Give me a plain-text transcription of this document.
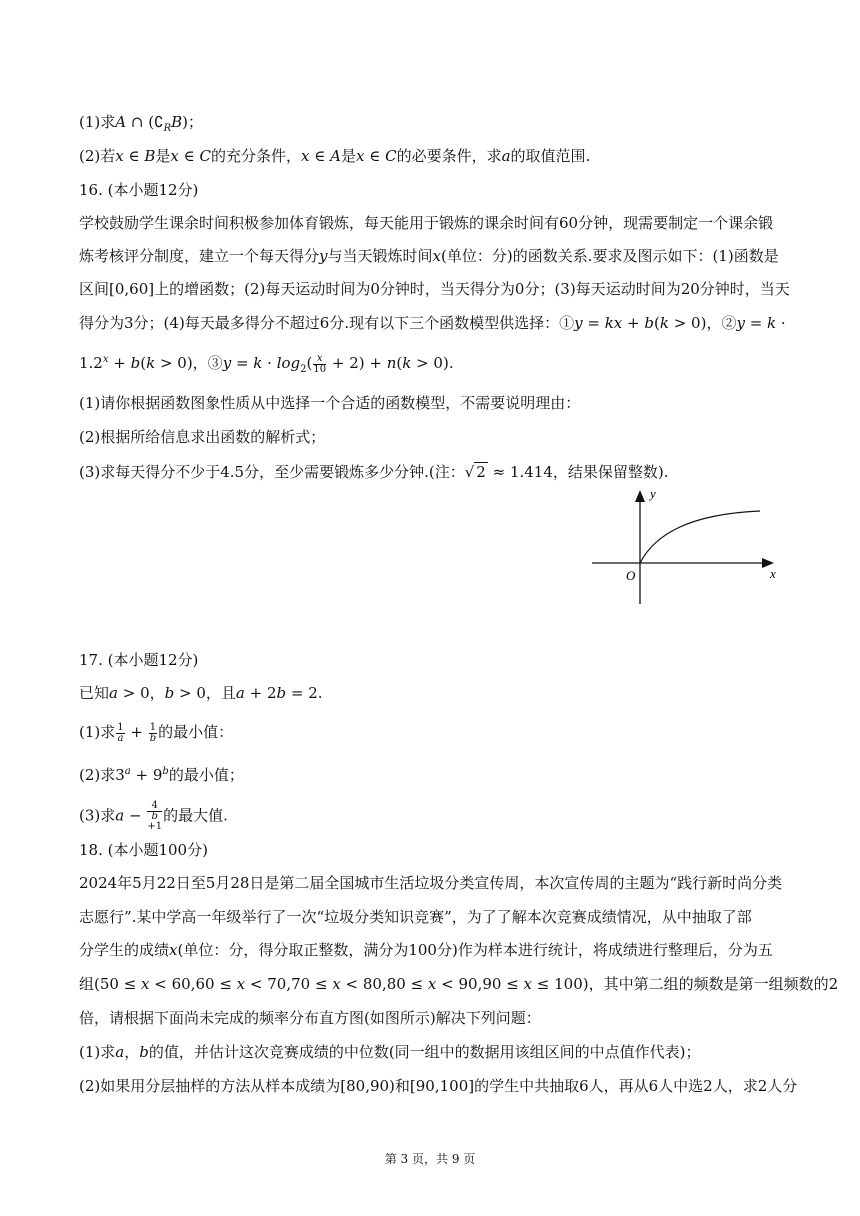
(1)求A ∩ $(∁_RB)$；
(2)若x ∈ B是x ∈ C的充分条件，x ∈ A是x ∈ C的必要条件，求a的取值范围.
16. (本小题12分)
学校鼓励学生课余时间积极参加体育锻炼，每天能用于锻炼的课余时间有60分钟，现需要制定一个课余锻
炼考核评分制度，建立一个每天得分y与当天锻炼时间x(单位：分)的函数关系.要求及图示如下：(1)函数是
区间[0,60]上的增函数；(2)每天运动时间为0分钟时，当天得分为0分；(3)每天运动时间为20分钟时，当天
得分为3分；(4)每天最多得分不超过6分.现有以下三个函数模型供选择：①y = kx + b(k > 0)，②y = k ·
$1.2^x + b(k > 0)$，③y = $k \cdot \log_2( \frac{x}{10} + 2) + n(k > 0)$.
(1)请你根据函数图象性质从中选择一个合适的函数模型，不需要说明理由：
(2)根据所给信息求出函数的解析式；
(3)求每天得分不少于4.5分，至少需要锻炼多少分钟.(注：√ 2 ≈ 1.414，结果保留整数).
y
x
O
17. (本小题12分)
已知a > 0，b > 0，且a + 2b = 2.
(1)求 $\frac{1}{a} + \frac{1}{b}$ 的最小值：
(2)求$3^a + 9^b$的最小值；
(3)求a − 4
b
+1 的最大值.
18. (本小题100分)
2024年5月22日至5月28日是第二届全国城市生活垃圾分类宣传周，本次宣传周的主题为“践行新时尚分类
志愿行”.某中学高一年级举行了一次“垃圾分类知识竞赛”，为了了解本次竞赛成绩情况，从中抽取了部
分学生的成绩x(单位：分，得分取正整数，满分为100分)作为样本进行统计，将成绩进行整理后，分为五
组(50 ≤ x < 60,60 ≤ x < 70,70 ≤ x < 80,80 ≤ x < 90,90 ≤ x ≤ 100)，其中第二组的频数是第一组频数的2
倍，请根据下面尚未完成的频率分布直方图(如图所示)解决下列问题：
(1)求a，b的值，并估计这次竞赛成绩的中位数(同一组中的数据用该组区间的中点值作代表)；
(2)如果用分层抽样的方法从样本成绩为[80,90)和[90,100]的学生中共抽取6人，再从6人中选2人，求2人分
第 3 页，共 9 页
